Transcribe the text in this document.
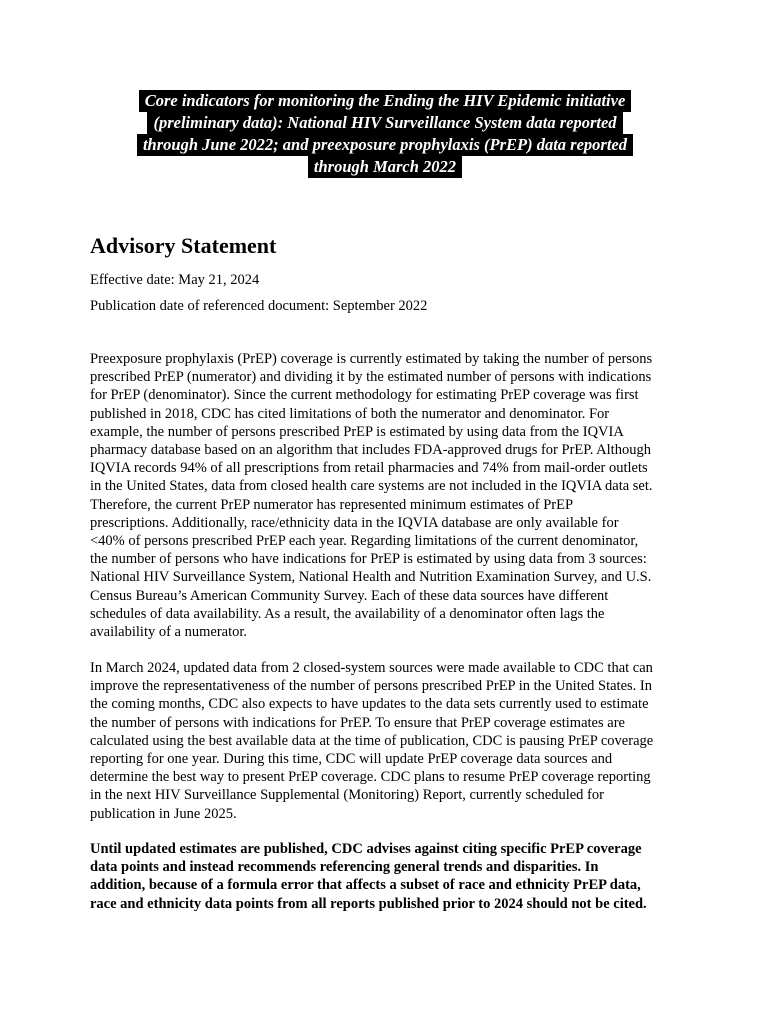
Core indicators for monitoring the Ending the HIV Epidemic initiative
(preliminary data): National HIV Surveillance System data reported
through June 2022; and preexposure prophylaxis (PrEP) data reported
through March 2022
Advisory Statement
Effective date: May 21, 2024
Publication date of referenced document: September 2022
Preexposure prophylaxis (PrEP) coverage is currently estimated by taking the number of persons
prescribed PrEP (numerator) and dividing it by the estimated number of persons with indications
for PrEP (denominator). Since the current methodology for estimating PrEP coverage was first
published in 2018, CDC has cited limitations of both the numerator and denominator. For
example, the number of persons prescribed PrEP is estimated by using data from the IQVIA
pharmacy database based on an algorithm that includes FDA-approved drugs for PrEP. Although
IQVIA records 94% of all prescriptions from retail pharmacies and 74% from mail-order outlets
in the United States, data from closed health care systems are not included in the IQVIA data set.
Therefore, the current PrEP numerator has represented minimum estimates of PrEP
prescriptions. Additionally, race/ethnicity data in the IQVIA database are only available for
<40% of persons prescribed PrEP each year. Regarding limitations of the current denominator,
the number of persons who have indications for PrEP is estimated by using data from 3 sources:
National HIV Surveillance System, National Health and Nutrition Examination Survey, and U.S.
Census Bureau’s American Community Survey. Each of these data sources have different
schedules of data availability. As a result, the availability of a denominator often lags the
availability of a numerator.
In March 2024, updated data from 2 closed-system sources were made available to CDC that can
improve the representativeness of the number of persons prescribed PrEP in the United States. In
the coming months, CDC also expects to have updates to the data sets currently used to estimate
the number of persons with indications for PrEP. To ensure that PrEP coverage estimates are
calculated using the best available data at the time of publication, CDC is pausing PrEP coverage
reporting for one year. During this time, CDC will update PrEP coverage data sources and
determine the best way to present PrEP coverage. CDC plans to resume PrEP coverage reporting
in the next HIV Surveillance Supplemental (Monitoring) Report, currently scheduled for
publication in June 2025.
Until updated estimates are published, CDC advises against citing specific PrEP coverage
data points and instead recommends referencing general trends and disparities. In
addition, because of a formula error that affects a subset of race and ethnicity PrEP data,
race and ethnicity data points from all reports published prior to 2024 should not be cited.
